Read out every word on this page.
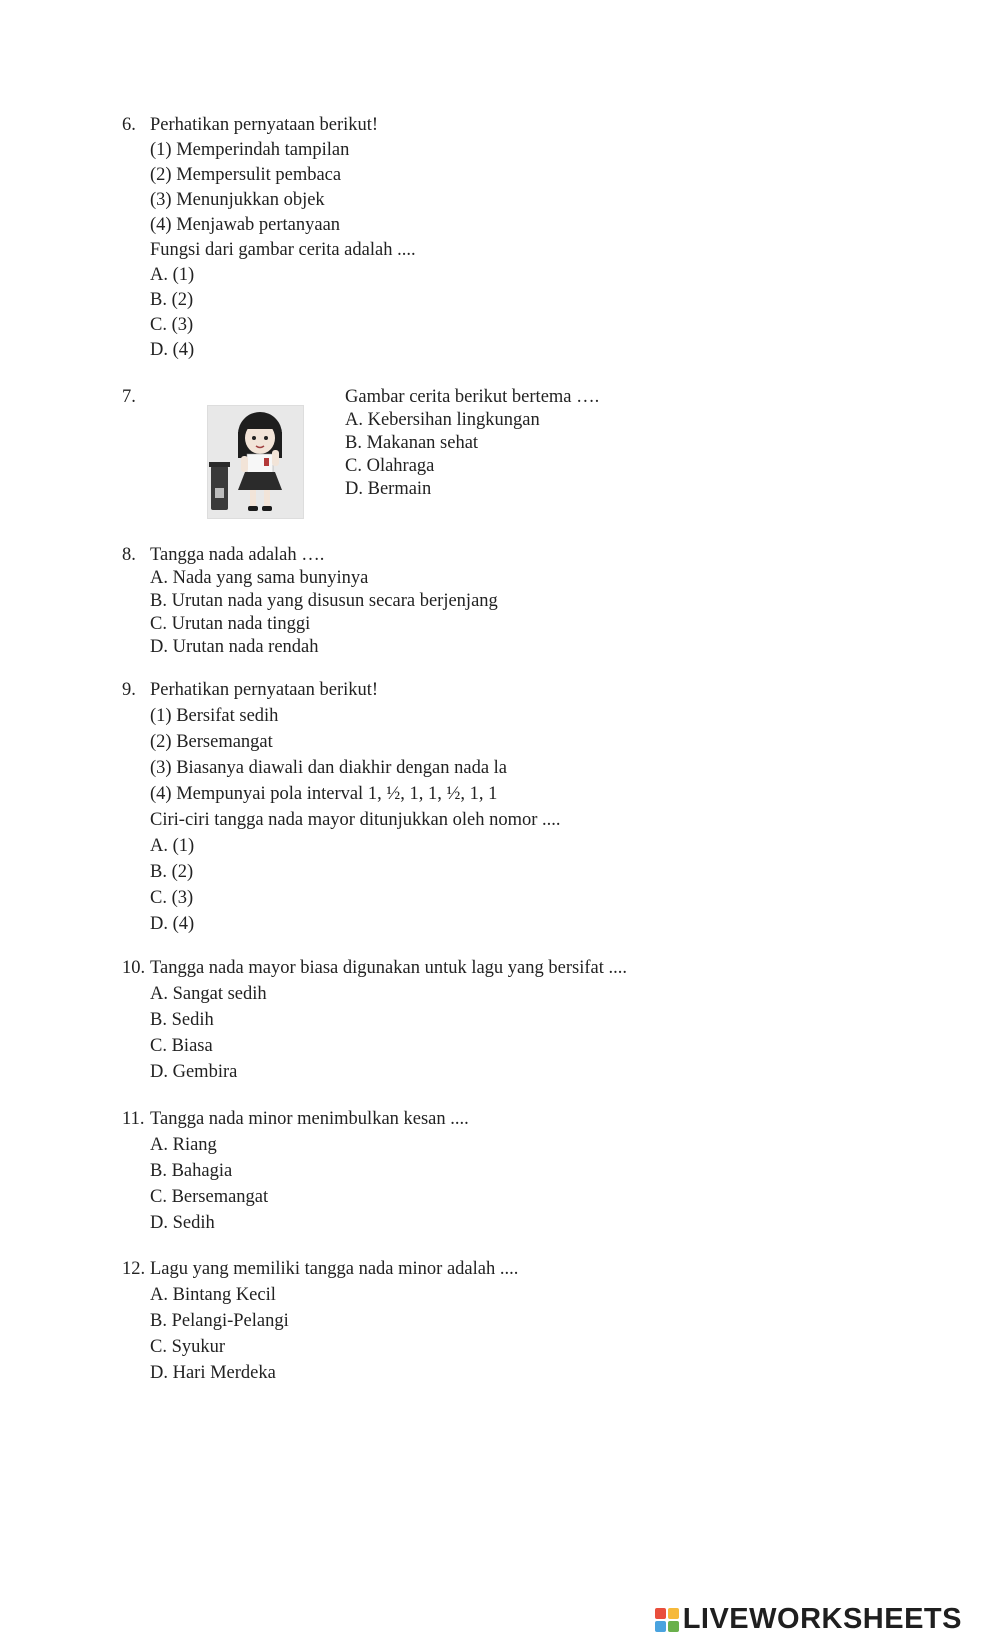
6. Perhatikan pernyataan berikut!
(1) Memperindah tampilan
(2) Mempersulit pembaca
(3) Menunjukkan objek
(4) Menjawab pertanyaan
Fungsi dari gambar cerita adalah ....
A. (1)
B. (2)
C. (3)
D. (4)
7.	Gambar cerita berikut bertema ….
A. Kebersihan lingkungan
B. Makanan sehat
C. Olahraga
D. Bermain
8. Tangga nada adalah ….
A. Nada yang sama bunyinya
B. Urutan nada yang disusun secara berjenjang
C. Urutan nada tinggi
D. Urutan nada rendah
9. Perhatikan pernyataan berikut!
(1) Bersifat sedih
(2) Bersemangat
(3) Biasanya diawali dan diakhir dengan nada la
(4) Mempunyai pola interval 1, ½, 1, 1, ½, 1, 1
Ciri-ciri tangga nada mayor ditunjukkan oleh nomor ....
A. (1)
B. (2)
C. (3)
D. (4)
10. Tangga nada mayor biasa digunakan untuk lagu yang bersifat ....
A. Sangat sedih
B. Sedih
C. Biasa
D. Gembira
11. Tangga nada minor menimbulkan kesan ....
A. Riang
B. Bahagia
C. Bersemangat
D. Sedih
12. Lagu yang memiliki tangga nada minor adalah ....
A. Bintang Kecil
B. Pelangi-Pelangi
C. Syukur
D. Hari Merdeka
LIVEWORKSHEETS
